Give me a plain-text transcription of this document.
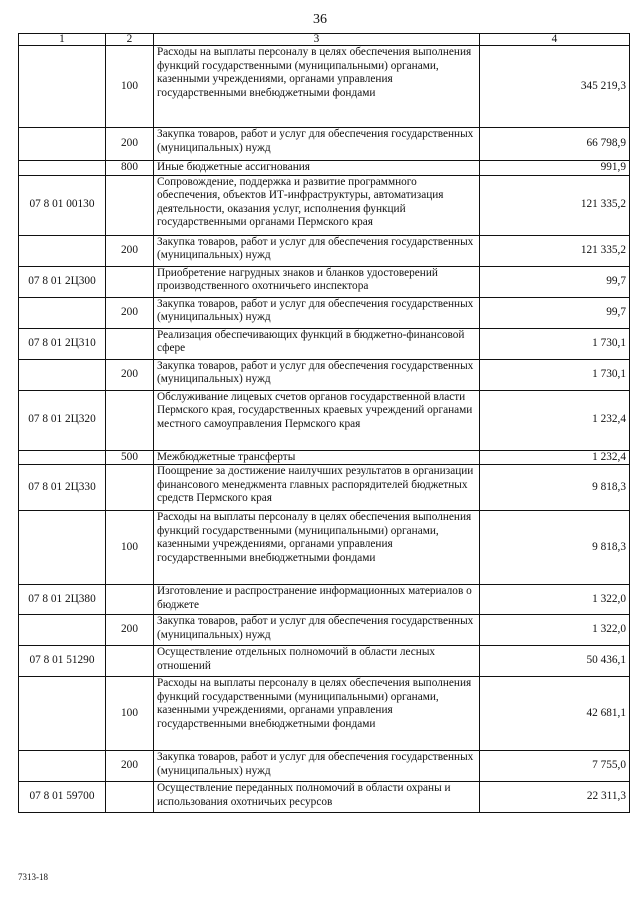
36
1	2	3	4
	100	Расходы на выплаты персоналу в целях обеспечения выполнения функций государственными (муниципальными) органами, казенными учреждениями, органами управления государственными внебюджетными фондами	345 219,3
	200	Закупка товаров, работ и услуг для обеспечения государственных (муниципальных) нужд	66 798,9
	800	Иные бюджетные ассигнования	991,9
07 8 01 00130		Сопровождение, поддержка и развитие программного обеспечения, объектов ИТ-инфраструктуры, автоматизация деятельности, оказания услуг, исполнения функций государственными органами Пермского края	121 335,2
	200	Закупка товаров, работ и услуг для обеспечения государственных (муниципальных) нужд	121 335,2
07 8 01 2Ц300		Приобретение нагрудных знаков и бланков удостоверений производственного охотничьего инспектора	99,7
	200	Закупка товаров, работ и услуг для обеспечения государственных (муниципальных) нужд	99,7
07 8 01 2Ц310		Реализация обеспечивающих функций в бюджетно-финансовой сфере	1 730,1
	200	Закупка товаров, работ и услуг для обеспечения государственных (муниципальных) нужд	1 730,1
07 8 01 2Ц320		Обслуживание лицевых счетов органов государственной власти Пермского края, государственных краевых учреждений органами местного самоуправления Пермского края	1 232,4
	500	Межбюджетные трансферты	1 232,4
07 8 01 2Ц330		Поощрение за достижение наилучших результатов в организации финансового менеджмента главных распорядителей бюджетных средств Пермского края	9 818,3
	100	Расходы на выплаты персоналу в целях обеспечения выполнения функций государственными (муниципальными) органами, казенными учреждениями, органами управления государственными внебюджетными фондами	9 818,3
07 8 01 2Ц380		Изготовление и распространение информационных материалов о бюджете	1 322,0
	200	Закупка товаров, работ и услуг для обеспечения государственных (муниципальных) нужд	1 322,0
07 8 01 51290		Осуществление отдельных полномочий в области лесных отношений	50 436,1
	100	Расходы на выплаты персоналу в целях обеспечения выполнения функций государственными (муниципальными) органами, казенными учреждениями, органами управления государственными внебюджетными фондами	42 681,1
	200	Закупка товаров, работ и услуг для обеспечения государственных (муниципальных) нужд	7 755,0
07 8 01 59700		Осуществление переданных полномочий в области охраны и использования охотничьих ресурсов	22 311,3
7313-18
